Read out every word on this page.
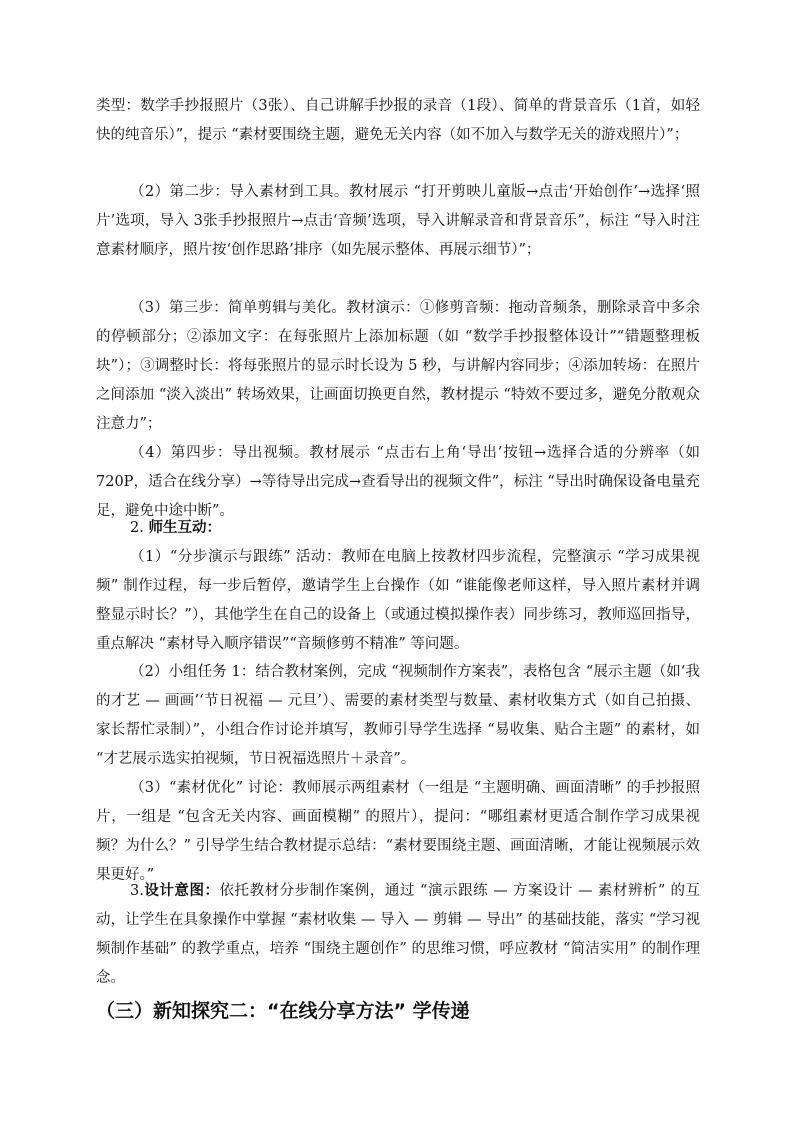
类型：数学手抄报照片（3张）、自己讲解手抄报的录音（1段）、简单的背景音乐（1首，如轻快的纯音乐）”，提示 “素材要围绕主题，避免无关内容（如不加入与数学无关的游戏照片）”；

（2）第二步：导入素材到工具。教材展示 “打开剪映儿童版→点击‘开始创作’→选择‘照片’选项，导入 3张手抄报照片→点击‘音频’选项，导入讲解录音和背景音乐”，标注 “导入时注意素材顺序，照片按‘创作思路’排序（如先展示整体、再展示细节）”；

（3）第三步：简单剪辑与美化。教材演示：①修剪音频：拖动音频条，删除录音中多余的停顿部分；②添加文字：在每张照片上添加标题（如 “数学手抄报整体设计”“错题整理板块”）；③调整时长：将每张照片的显示时长设为 5 秒，与讲解内容同步；④添加转场：在照片之间添加 “淡入淡出” 转场效果，让画面切换更自然，教材提示 “特效不要过多，避免分散观众注意力”；

（4）第四步：导出视频。教材展示 “点击右上角‘导出’按钮→选择合适的分辨率（如 720P，适合在线分享）→等待导出完成→查看导出的视频文件”，标注 “导出时确保设备电量充足，避免中途中断”。

2. 师生互动：

（1）“分步演示与跟练” 活动：教师在电脑上按教材四步流程，完整演示 “学习成果视频” 制作过程，每一步后暂停，邀请学生上台操作（如 “谁能像老师这样，导入照片素材并调整显示时长？”），其他学生在自己的设备上（或通过模拟操作表）同步练习，教师巡回指导，重点解决 “素材导入顺序错误”“音频修剪不精准” 等问题。

（2）小组任务 1：结合教材案例，完成 “视频制作方案表”，表格包含 “展示主题（如‘我的才艺 — 画画’‘节日祝福 — 元旦’）、需要的素材类型与数量、素材收集方式（如自己拍摄、家长帮忙录制）”，小组合作讨论并填写，教师引导学生选择 “易收集、贴合主题” 的素材，如 “才艺展示选实拍视频，节日祝福选照片＋录音”。

（3）“素材优化” 讨论：教师展示两组素材（一组是 “主题明确、画面清晰” 的手抄报照片，一组是 “包含无关内容、画面模糊” 的照片），提问：“哪组素材更适合制作学习成果视频？为什么？” 引导学生结合教材提示总结：“素材要围绕主题、画面清晰，才能让视频展示效果更好。”

3.设计意图：依托教材分步制作案例，通过 “演示跟练 — 方案设计 — 素材辨析” 的互动，让学生在具象操作中掌握 “素材收集 — 导入 — 剪辑 — 导出” 的基础技能，落实 “学习视频制作基础” 的教学重点，培养 “围绕主题创作” 的思维习惯，呼应教材 “简洁实用” 的制作理念。

（三）新知探究二：“在线分享方法” 学传递
